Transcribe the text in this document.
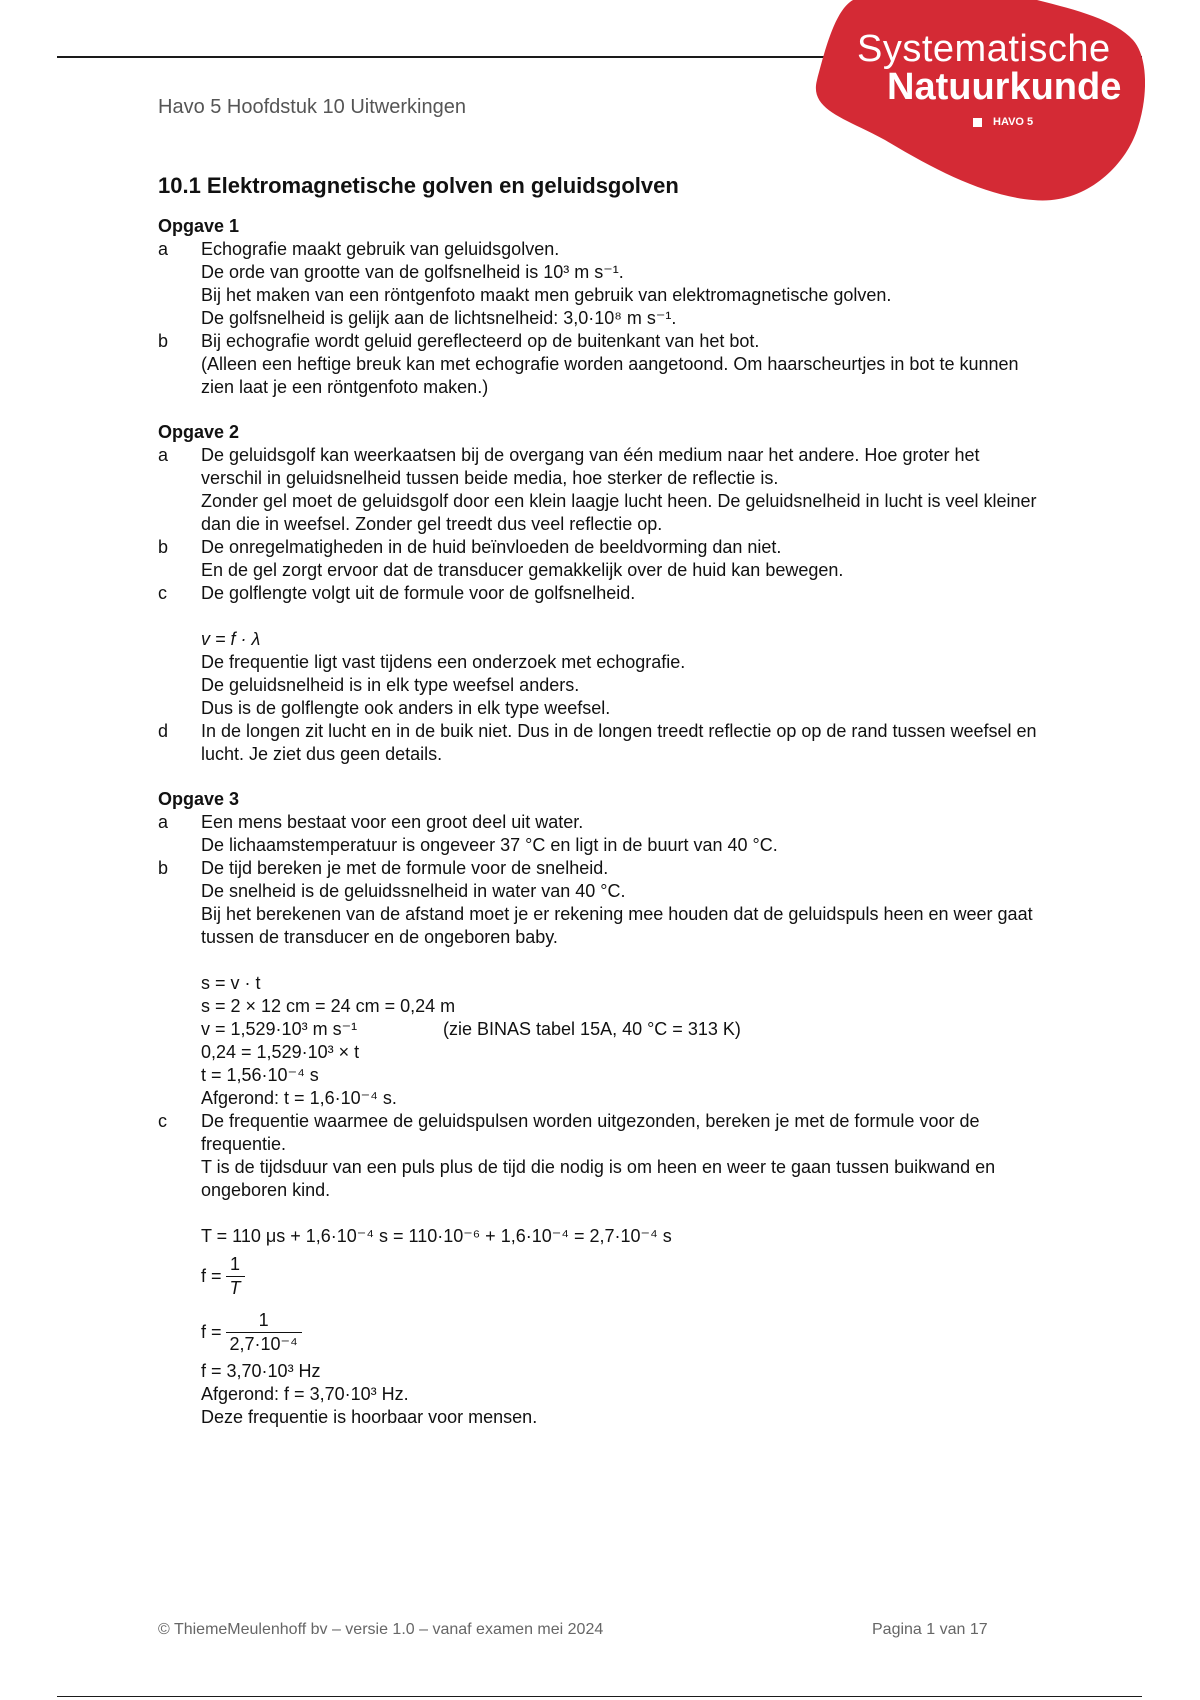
Systematische
Natuurkunde
HAVO 5
Havo 5 Hoofdstuk 10 Uitwerkingen
10.1 Elektromagnetische golven en geluidsgolven
Opgave 1
a Echografie maakt gebruik van geluidsgolven.

De orde van grootte van de golfsnelheid is 10³ m s⁻¹.

Bij het maken van een röntgenfoto maakt men gebruik van elektromagnetische golven.

De golfsnelheid is gelijk aan de lichtsnelheid: 3,0·10⁸ m s⁻¹.

b Bij echografie wordt geluid gereflecteerd op de buitenkant van het bot.

(Alleen een heftige breuk kan met echografie worden aangetoond. Om haarscheurtjes in bot te kunnen zien laat je een röntgenfoto maken.)

Opgave 2
a De geluidsgolf kan weerkaatsen bij de overgang van één medium naar het andere. Hoe groter het verschil in geluidsnelheid tussen beide media, hoe sterker de reflectie is.

Zonder gel moet de geluidsgolf door een klein laagje lucht heen. De geluidsnelheid in lucht is veel kleiner dan die in weefsel. Zonder gel treedt dus veel reflectie op.

b De onregelmatigheden in de huid beïnvloeden de beeldvorming dan niet.

En de gel zorgt ervoor dat de transducer gemakkelijk over de huid kan bewegen.

c De golflengte volgt uit de formule voor de golfsnelheid.

v = f · λ

De frequentie ligt vast tijdens een onderzoek met echografie.

De geluidsnelheid is in elk type weefsel anders.

Dus is de golflengte ook anders in elk type weefsel.

d In de longen zit lucht en in de buik niet. Dus in de longen treedt reflectie op op de rand tussen weefsel en lucht. Je ziet dus geen details.

Opgave 3
a Een mens bestaat voor een groot deel uit water.

De lichaamstemperatuur is ongeveer 37 °C en ligt in de buurt van 40 °C.

b De tijd bereken je met de formule voor de snelheid.

De snelheid is de geluidssnelheid in water van 40 °C.

Bij het berekenen van de afstand moet je er rekening mee houden dat de geluidspuls heen en weer gaat tussen de transducer en de ongeboren baby.

s = v · t

s = 2 × 12 cm = 24 cm = 0,24 m

v = 1,529·10³ m s⁻¹	(zie BINAS tabel 15A, 40 °C = 313 K)

0,24 = 1,529·10³ × t

t = 1,56·10⁻⁴ s

Afgerond: t = 1,6·10⁻⁴ s.

c De frequentie waarmee de geluidspulsen worden uitgezonden, bereken je met de formule voor de frequentie.

T is de tijdsduur van een puls plus de tijd die nodig is om heen en weer te gaan tussen buikwand en ongeboren kind.

T = 110 μs + 1,6·10⁻⁴ s = 110·10⁻⁶ + 1,6·10⁻⁴ = 2,7·10⁻⁴ s

$f = \frac{1}{T}$
$f = \frac{1}{\text{2,7·10⁻⁴}}$

f = 3,70·10³ Hz

Afgerond: f = 3,70·10³ Hz.

Deze frequentie is hoorbaar voor mensen.

© ThiemeMeulenhoff bv – versie 1.0 – vanaf examen mei 2024	Pagina 1 van 17
